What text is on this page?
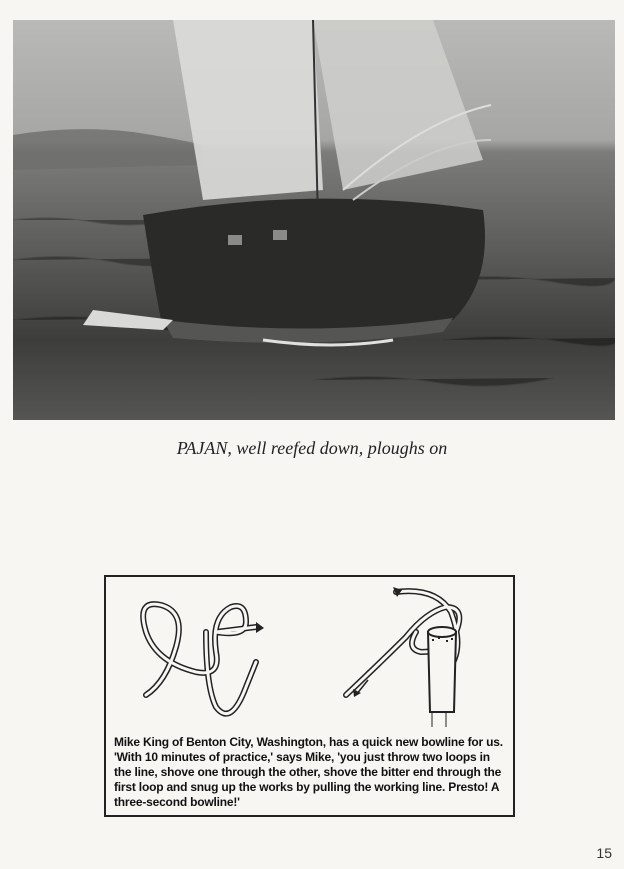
PAJAN, well reefed down, ploughs on
Mike King of Benton City, Washington, has a quick new bowline for us. 'With 10 minutes of practice,' says Mike, 'you just throw two loops in the line, shove one through the other, shove the bitter end through the first loop and snug up the works by pulling the working line. Presto! A three-second bowline!'
15
